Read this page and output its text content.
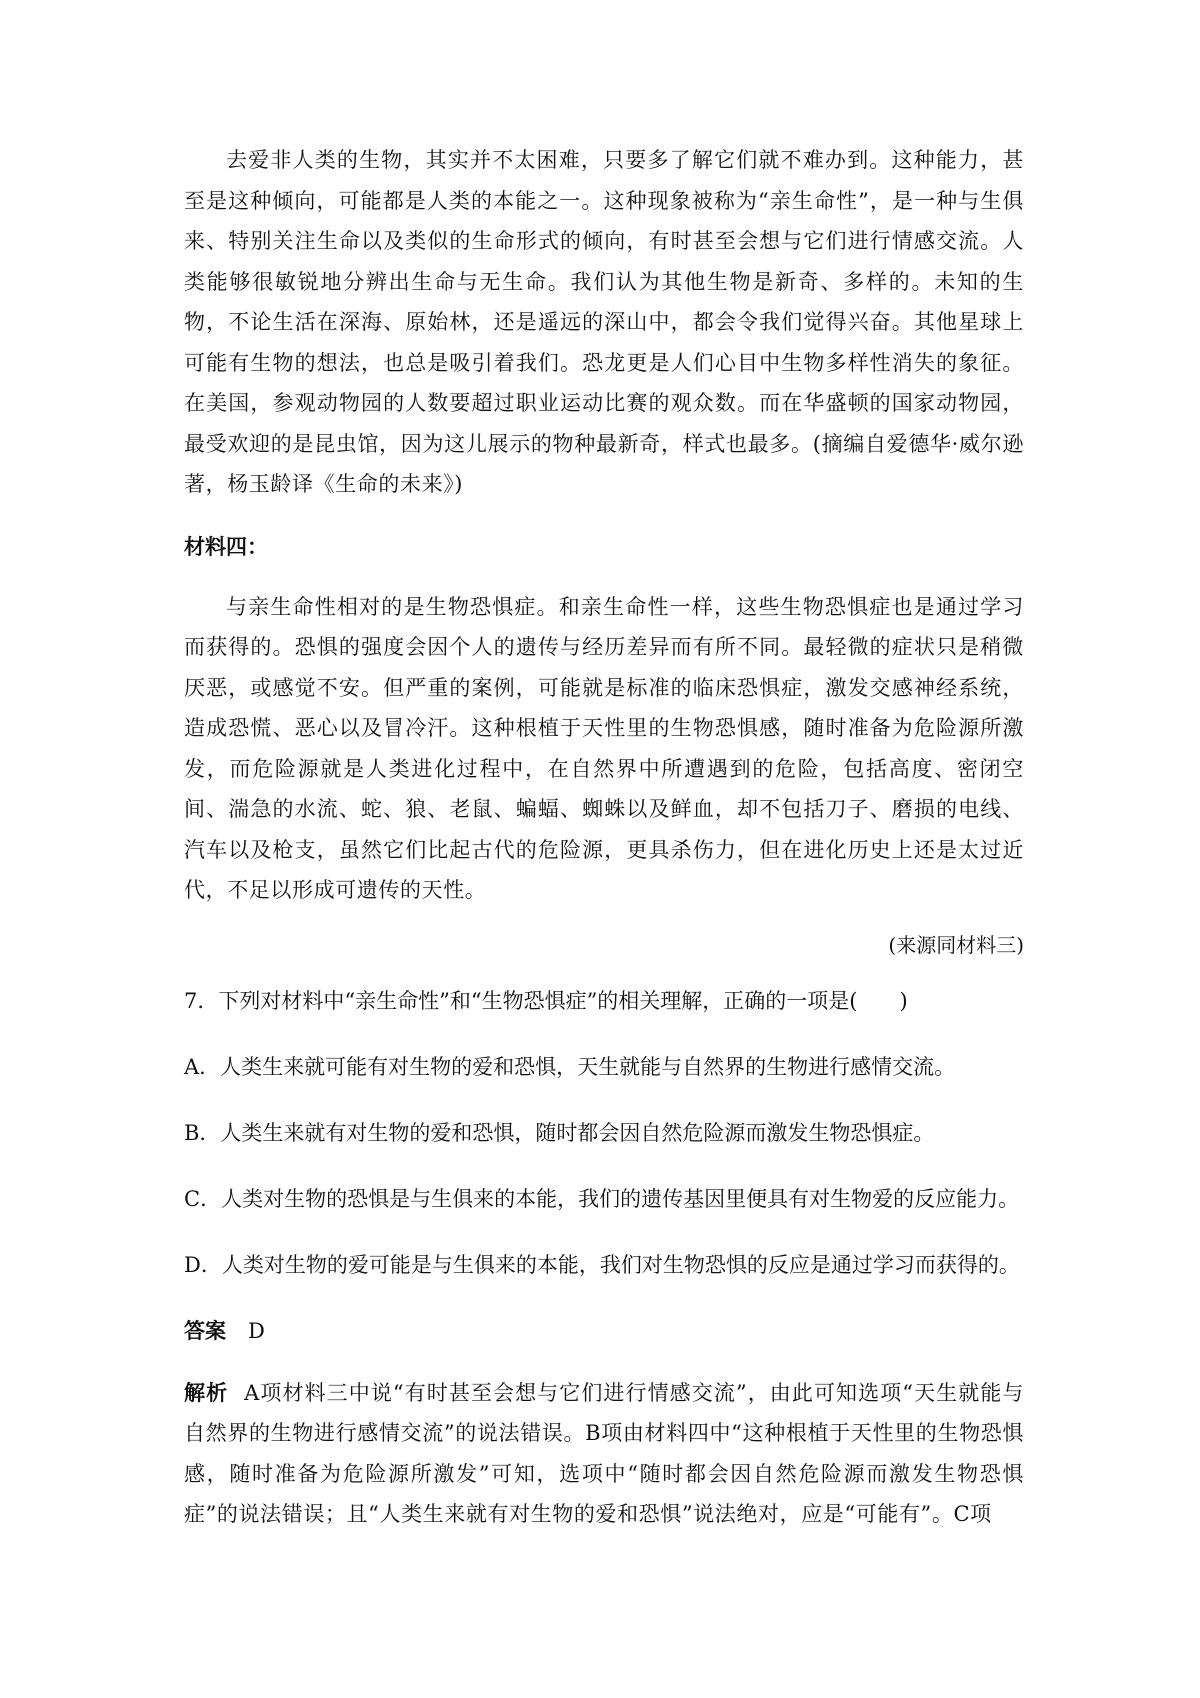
去爱非人类的生物，其实并不太困难，只要多了解它们就不难办到。这种能力，甚至是这种倾向，可能都是人类的本能之一。这种现象被称为“亲生命性”，是一种与生俱来、特别关注生命以及类似的生命形式的倾向，有时甚至会想与它们进行情感交流。人类能够很敏锐地分辨出生命与无生命。我们认为其他生物是新奇、多样的。未知的生物，不论生活在深海、原始林，还是遥远的深山中，都会令我们觉得兴奋。其他星球上可能有生物的想法，也总是吸引着我们。恐龙更是人们心目中生物多样性消失的象征。在美国，参观动物园的人数要超过职业运动比赛的观众数。而在华盛顿的国家动物园，最受欢迎的是昆虫馆，因为这儿展示的物种最新奇，样式也最多。(摘编自爱德华·威尔逊著，杨玉龄译《生命的未来》)

材料四：

与亲生命性相对的是生物恐惧症。和亲生命性一样，这些生物恐惧症也是通过学习而获得的。恐惧的强度会因个人的遗传与经历差异而有所不同。最轻微的症状只是稍微厌恶，或感觉不安。但严重的案例，可能就是标准的临床恐惧症，激发交感神经系统，造成恐慌、恶心以及冒冷汗。这种根植于天性里的生物恐惧感，随时准备为危险源所激发，而危险源就是人类进化过程中，在自然界中所遭遇到的危险，包括高度、密闭空间、湍急的水流、蛇、狼、老鼠、蝙蝠、蜘蛛以及鲜血，却不包括刀子、磨损的电线、汽车以及枪支，虽然它们比起古代的危险源，更具杀伤力，但在进化历史上还是太过近代，不足以形成可遗传的天性。

(来源同材料三)
7．下列对材料中“亲生命性”和“生物恐惧症”的相关理解，正确的一项是(　　)
A．人类生来就可能有对生物的爱和恐惧，天生就能与自然界的生物进行感情交流。
B．人类生来就有对生物的爱和恐惧，随时都会因自然危险源而激发生物恐惧症。
C．人类对生物的恐惧是与生俱来的本能，我们的遗传基因里便具有对生物爱的反应能力。
D．人类对生物的爱可能是与生俱来的本能，我们对生物恐惧的反应是通过学习而获得的。
答案 D

解析 A项材料三中说“有时甚至会想与它们进行情感交流”，由此可知选项“天生就能与自然界的生物进行感情交流”的说法错误。B项由材料四中“这种根植于天性里的生物恐惧感，随时准备为危险源所激发”可知，选项中“随时都会因自然危险源而激发生物恐惧症”的说法错误；且“人类生来就有对生物的爱和恐惧”说法绝对，应是“可能有”。C项
